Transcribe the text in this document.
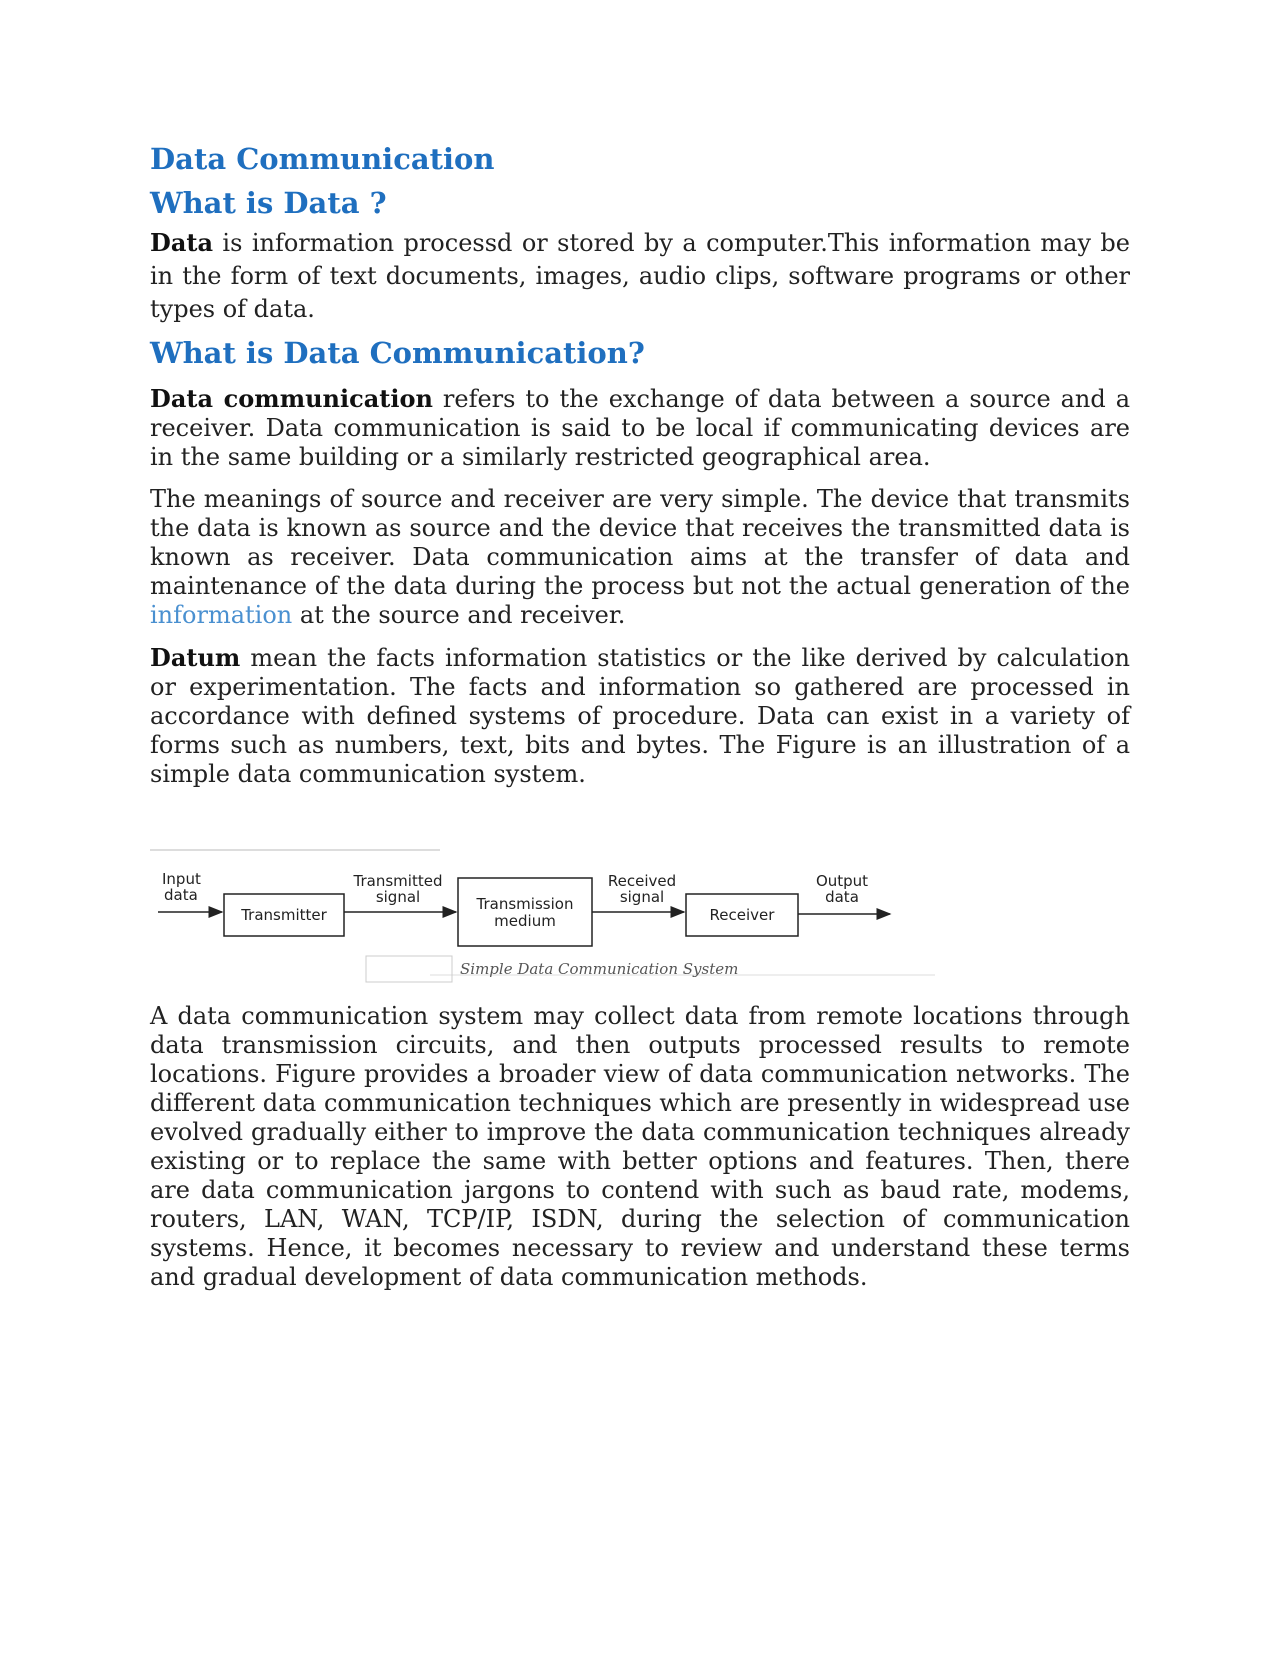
Data Communication
What is Data ?

Data is information processd or stored by a computer.This information may be in the form of text documents, images, audio clips, software programs or other types of data.

What is Data Communication?

Data communication refers to the exchange of data between a source and a receiver. Data communication is said to be local if communicating devices are in the same building or a similarly restricted geographical area.

The meanings of source and receiver are very simple. The device that transmits the data is known as source and the device that receives the transmitted data is known as receiver. Data communication aims at the transfer of data and maintenance of the data during the process but not the actual generation of the information at the source and receiver.

Datum mean the facts information statistics or the like derived by calculation or experimentation. The facts and information so gathered are processed in accordance with defined systems of procedure. Data can exist in a variety of forms such as numbers, text, bits and bytes. The Figure is an illustration of a simple data communication system.

Input
data
Transmitter
Transmitted
signal	Transmission
medium
Received
signal
Receiver
Output
data
Simple Data Communication System

A data communication system may collect data from remote locations through data transmission circuits, and then outputs processed results to remote locations. Figure provides a broader view of data communication networks. The different data communication techniques which are presently in widespread use evolved gradually either to improve the data communication techniques already existing or to replace the same with better options and features. Then, there are data communication jargons to contend with such as baud rate, modems, routers, LAN, WAN, TCP/IP, ISDN, during the selection of communication systems. Hence, it becomes necessary to review and understand these terms and gradual development of data communication methods.
